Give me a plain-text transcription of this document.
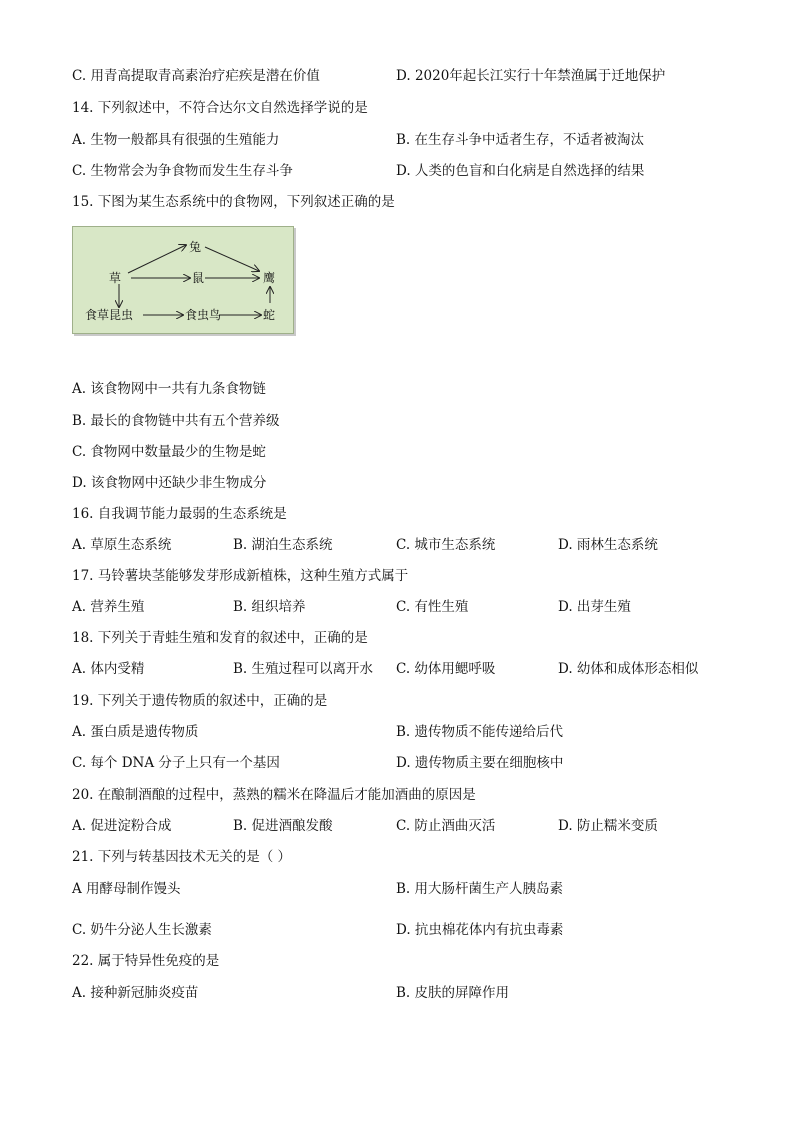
C. 用青高提取青高素治疗疟疾是潜在价值	D. 2020年起长江实行十年禁渔属于迁地保护
14. 下列叙述中，不符合达尔文自然选择学说的是
A. 生物一般都具有很强的生殖能力	B. 在生存斗争中适者生存，不适者被淘汰
C. 生物常会为争食物而发生生存斗争	D. 人类的色盲和白化病是自然选择的结果
15. 下图为某生态系统中的食物网，下列叙述正确的是
兔
草	鼠	鹰
食草昆虫	食虫鸟	蛇
A. 该食物网中一共有九条食物链
B. 最长的食物链中共有五个营养级
C. 食物网中数量最少的生物是蛇
D. 该食物网中还缺少非生物成分
16. 自我调节能力最弱的生态系统是
A. 草原生态系统	B. 湖泊生态系统	C. 城市生态系统	D. 雨林生态系统
17. 马铃薯块茎能够发芽形成新植株，这种生殖方式属于
A. 营养生殖	B. 组织培养	C. 有性生殖	D. 出芽生殖
18. 下列关于青蛙生殖和发育的叙述中，正确的是
A. 体内受精	B. 生殖过程可以离开水 C. 幼体用鳃呼吸	D. 幼体和成体形态相似
19. 下列关于遗传物质的叙述中，正确的是
A. 蛋白质是遗传物质	B. 遗传物质不能传递给后代
C. 每个 DNA 分子上只有一个基因	D. 遗传物质主要在细胞核中
20. 在酿制酒酿的过程中，蒸熟的糯米在降温后才能加酒曲的原因是
A. 促进淀粉合成	B. 促进酒酿发酸	C. 防止酒曲灭活	D. 防止糯米变质
21. 下列与转基因技术无关的是（ ）
A 用酵母制作馒头	B. 用大肠杆菌生产人胰岛素
C. 奶牛分泌人生长激素	D. 抗虫棉花体内有抗虫毒素
22. 属于特异性免疫的是
A. 接种新冠肺炎疫苗	B. 皮肤的屏障作用
